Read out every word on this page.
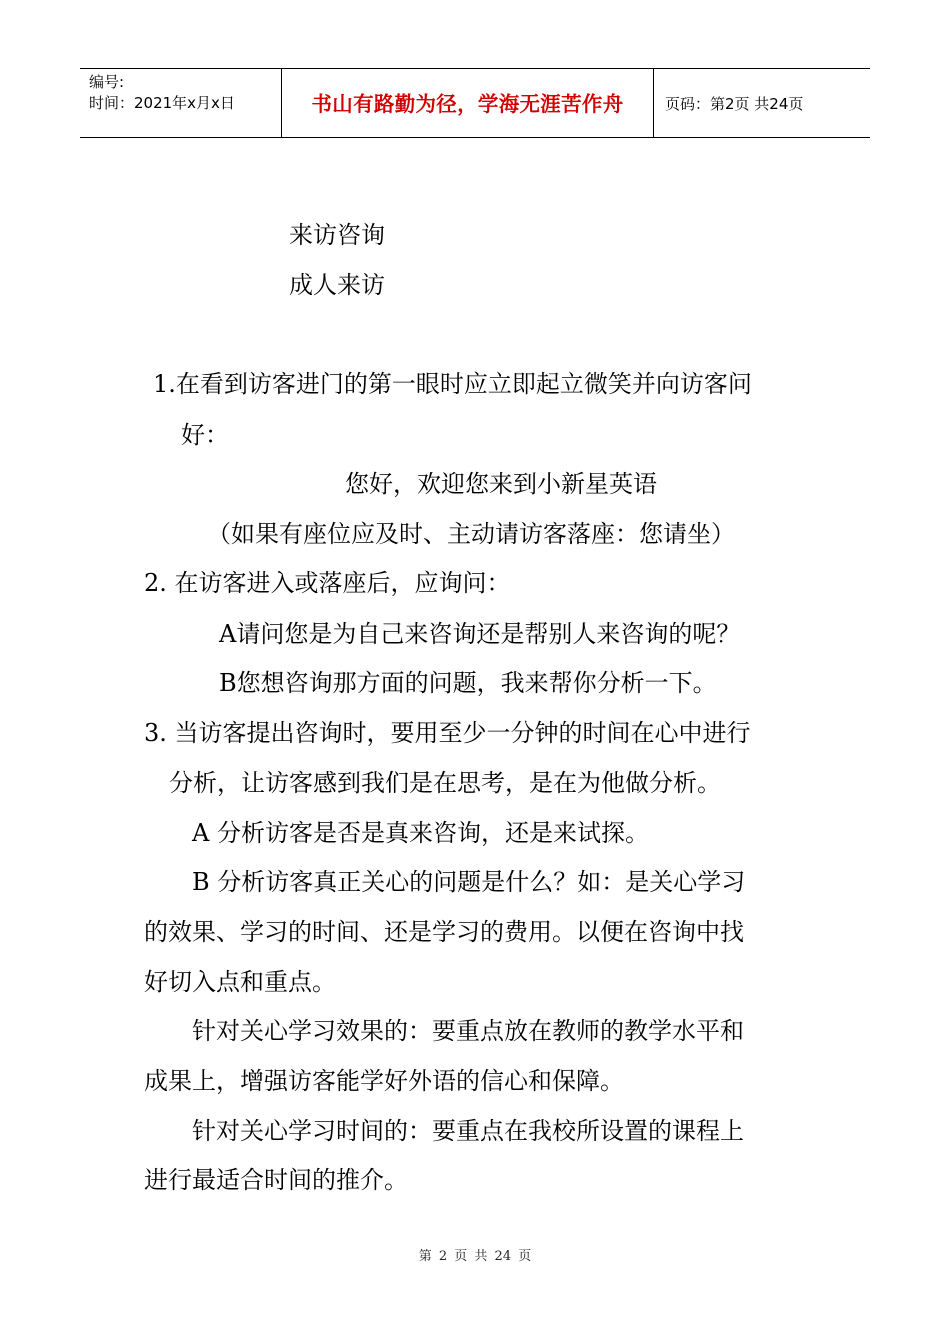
编号:
时间：2021年x月x日	书山有路勤为径，学海无涯苦作舟	页码：第2页 共24页
来访咨询
成人来访
1.在看到访客进门的第一眼时应立即起立微笑并向访客问
好：
您好，欢迎您来到小新星英语
（如果有座位应及时、主动请访客落座：您请坐）
2. 在访客进入或落座后，应询问：
A请问您是为自己来咨询还是帮别人来咨询的呢？
B您想咨询那方面的问题，我来帮你分析一下。
3. 当访客提出咨询时，要用至少一分钟的时间在心中进行
分析，让访客感到我们是在思考，是在为他做分析。
A 分析访客是否是真来咨询，还是来试探。
B 分析访客真正关心的问题是什么？如：是关心学习
的效果、学习的时间、还是学习的费用。以便在咨询中找
好切入点和重点。
针对关心学习效果的：要重点放在教师的教学水平和
成果上，增强访客能学好外语的信心和保障。
针对关心学习时间的：要重点在我校所设置的课程上
进行最适合时间的推介。
第 2 页 共 24 页
